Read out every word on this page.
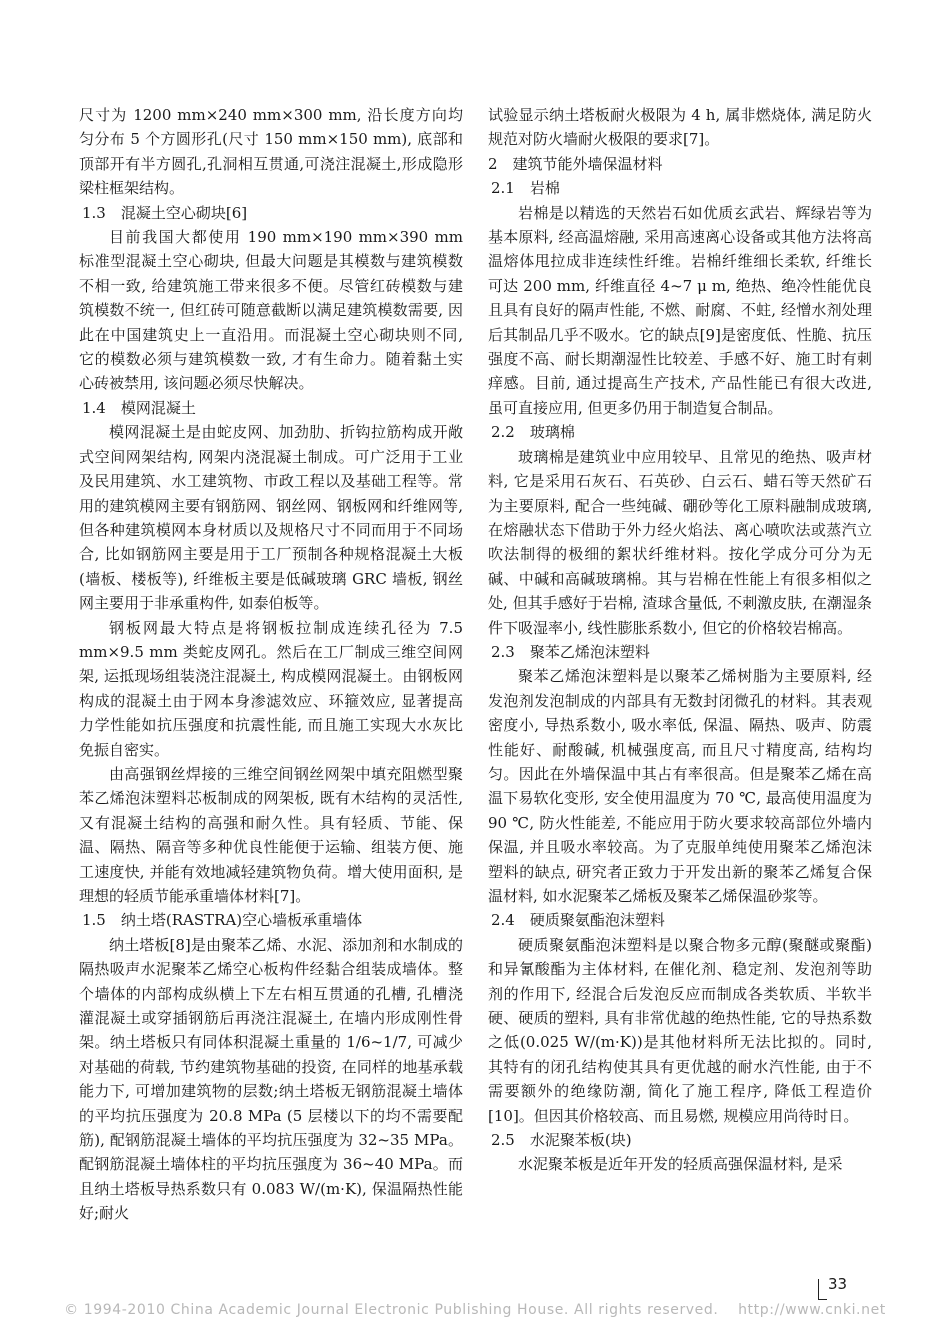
尺寸为 1200 mm×240 mm×300 mm, 沿长度方向均匀分布 5 个方圆形孔(尺寸 150 mm×150 mm), 底部和顶部开有半方圆孔,孔洞相互贯通,可浇注混凝土,形成隐形梁柱框架结构。

1.3　混凝土空心砌块[6]

目前我国大都使用 190 mm×190 mm×390 mm 标准型混凝土空心砌块, 但最大问题是其模数与建筑模数不相一致, 给建筑施工带来很多不便。尽管红砖模数与建筑模数不统一, 但红砖可随意截断以满足建筑模数需要, 因此在中国建筑史上一直沿用。而混凝土空心砌块则不同, 它的模数必须与建筑模数一致, 才有生命力。随着黏土实心砖被禁用, 该问题必须尽快解决。

1.4　模网混凝土

模网混凝土是由蛇皮网、加劲肋、折钩拉筋构成开敞式空间网架结构, 网架内浇混凝土制成。可广泛用于工业及民用建筑、水工建筑物、市政工程以及基础工程等。常用的建筑模网主要有钢筋网、钢丝网、钢板网和纤维网等, 但各种建筑模网本身材质以及规格尺寸不同而用于不同场合, 比如钢筋网主要是用于工厂预制各种规格混凝土大板(墙板、楼板等), 纤维板主要是低碱玻璃 GRC 墙板, 钢丝网主要用于非承重构件, 如泰伯板等。

钢板网最大特点是将钢板拉制成连续孔径为 7.5 mm×9.5 mm 类蛇皮网孔。然后在工厂制成三维空间网架, 运抵现场组装浇注混凝土, 构成模网混凝土。由钢板网构成的混凝土由于网本身渗滤效应、环箍效应, 显著提高力学性能如抗压强度和抗震性能, 而且施工实现大水灰比免振自密实。

由高强钢丝焊接的三维空间钢丝网架中填充阻燃型聚苯乙烯泡沫塑料芯板制成的网架板, 既有木结构的灵活性, 又有混凝土结构的高强和耐久性。具有轻质、节能、保温、隔热、隔音等多种优良性能便于运输、组装方便、施工速度快, 并能有效地减轻建筑物负荷。增大使用面积, 是理想的轻质节能承重墙体材料[7]。

1.5　纳土塔(RASTRA)空心墙板承重墙体

纳土塔板[8]是由聚苯乙烯、水泥、添加剂和水制成的隔热吸声水泥聚苯乙烯空心板构件经黏合组装成墙体。整个墙体的内部构成纵横上下左右相互贯通的孔槽, 孔槽浇灌混凝土或穿插钢筋后再浇注混凝土, 在墙内形成刚性骨架。纳土塔板只有同体积混凝土重量的 1/6~1/7, 可减少对基础的荷载, 节约建筑物基础的投资, 在同样的地基承载能力下, 可增加建筑物的层数;纳土塔板无钢筋混凝土墙体的平均抗压强度为 20.8 MPa (5 层楼以下的均不需要配筋), 配钢筋混凝土墙体的平均抗压强度为 32~35 MPa。配钢筋混凝土墙体柱的平均抗压强度为 36~40 MPa。而且纳土塔板导热系数只有 0.083 W/(m·K), 保温隔热性能好;耐火

试验显示纳土塔板耐火极限为 4 h, 属非燃烧体, 满足防火规范对防火墙耐火极限的要求[7]。

2　建筑节能外墙保温材料

2.1　岩棉

岩棉是以精选的天然岩石如优质玄武岩、辉绿岩等为基本原料, 经高温熔融, 采用高速离心设备或其他方法将高温熔体甩拉成非连续性纤维。岩棉纤维细长柔软, 纤维长可达 200 mm, 纤维直径 4~7 μ m, 绝热、绝冷性能优良且具有良好的隔声性能, 不燃、耐腐、不蛀, 经憎水剂处理后其制品几乎不吸水。它的缺点[9]是密度低、性脆、抗压强度不高、耐长期潮湿性比较差、手感不好、施工时有刺痒感。目前, 通过提高生产技术, 产品性能已有很大改进, 虽可直接应用, 但更多仍用于制造复合制品。

2.2　玻璃棉

玻璃棉是建筑业中应用较早、且常见的绝热、吸声材料, 它是采用石灰石、石英砂、白云石、蜡石等天然矿石为主要原料, 配合一些纯碱、硼砂等化工原料融制成玻璃, 在熔融状态下借助于外力经火焰法、离心喷吹法或蒸汽立吹法制得的极细的絮状纤维材料。按化学成分可分为无碱、中碱和高碱玻璃棉。其与岩棉在性能上有很多相似之处, 但其手感好于岩棉, 渣球含量低, 不刺激皮肤, 在潮湿条件下吸湿率小, 线性膨胀系数小, 但它的价格较岩棉高。

2.3　聚苯乙烯泡沫塑料

聚苯乙烯泡沫塑料是以聚苯乙烯树脂为主要原料, 经发泡剂发泡制成的内部具有无数封闭微孔的材料。其表观密度小, 导热系数小, 吸水率低, 保温、隔热、吸声、防震性能好、耐酸碱, 机械强度高, 而且尺寸精度高, 结构均匀。因此在外墙保温中其占有率很高。但是聚苯乙烯在高温下易软化变形, 安全使用温度为 70 ℃, 最高使用温度为 90 ℃, 防火性能差, 不能应用于防火要求较高部位外墙内保温, 并且吸水率较高。为了克服单纯使用聚苯乙烯泡沫塑料的缺点, 研究者正致力于开发出新的聚苯乙烯复合保温材料, 如水泥聚苯乙烯板及聚苯乙烯保温砂浆等。

2.4　硬质聚氨酯泡沫塑料

硬质聚氨酯泡沫塑料是以聚合物多元醇(聚醚或聚酯)和异氰酸酯为主体材料, 在催化剂、稳定剂、发泡剂等助剂的作用下, 经混合后发泡反应而制成各类软质、半软半硬、硬质的塑料, 具有非常优越的绝热性能, 它的导热系数之低(0.025 W/(m·K))是其他材料所无法比拟的。同时, 其特有的闭孔结构使其具有更优越的耐水汽性能, 由于不需要额外的绝缘防潮, 简化了施工程序, 降低工程造价[10]。但因其价格较高、而且易燃, 规模应用尚待时日。

2.5　水泥聚苯板(块)

水泥聚苯板是近年开发的轻质高强保温材料, 是采

33
© 1994-2010 China Academic Journal Electronic Publishing House. All rights reserved.　 http://www.cnki.net
